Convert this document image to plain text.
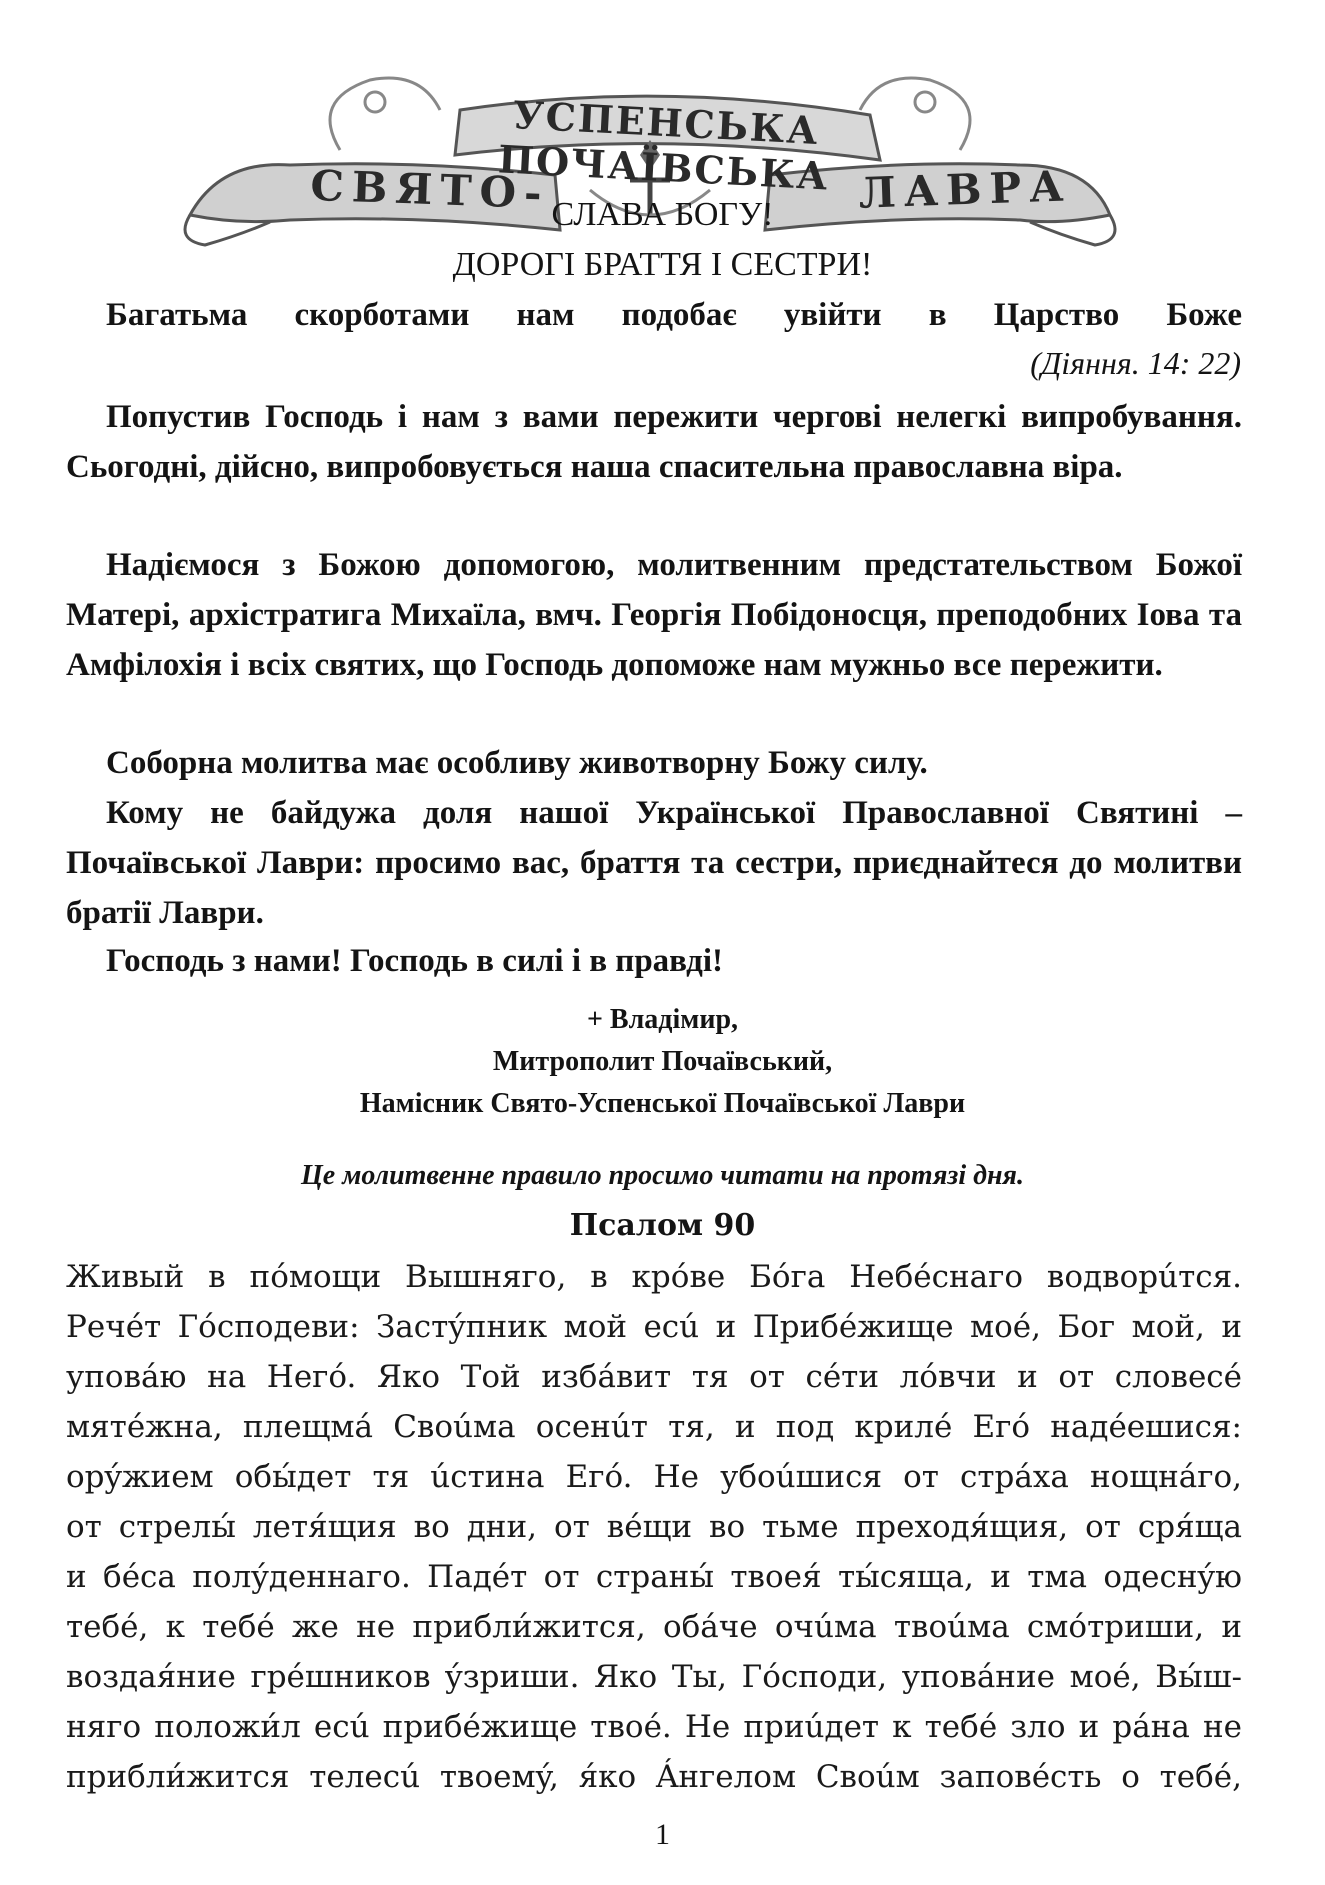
УСПЕНСЬКА ПОЧАЇВСЬКА
СВЯТО-	ЛАВРА
СЛАВА БОГУ!
ДОРОГІ БРАТТЯ І СЕСТРИ!
Багатьма скорботами нам подобає увійти в Царство Боже
(Діяння. 14: 22)
Попустив Господь і нам з вами пережити чергові нелегкі випробування. Сьогодні, дійсно, випробовується наша спасительна православна віра.
Надіємося з Божою допомогою, молитвенним предстательством Божої Матері, архістратига Михаїла, вмч. Георгія Побідоносця, преподобних Іова та Амфілохія і всіх святих, що Господь допоможе нам мужньо все пережити.
Соборна молитва має особливу животворну Божу силу.
Кому не байдужа доля нашої Української Православної Святині – Почаївської Лаври: просимо вас, браття та сестри, приєднайтеся до молитви братії Лаври.
Господь з нами! Господь в силі і в правді!
+ Владімир,
Митрополит Почаївський,
Намісник Свято-Успенської Почаївської Лаври
Це молитвенне правило просимо читати на протязі дня.
Псалом 90
Живый в пóмощи Вышняго, в крóве Бóга Небéснаго водворúтся.
Речéт Гóсподеви: Застýпник мой есú и Прибéжище моé, Бог мой, и
уповáю на Негó. Яко Той избáвит тя от сéти лóвчи и от словесé
мятéжна, плещмá Своúма осенúт тя, и под крилé Егó надéешися:
орýжием обы́дет тя úстина Егó. Не убоúшися от стрáха нощнáго,
от стрелы́ летя́щия во дни, от вéщи во тьме преходя́щия, от сря́ща
и бéса полýденнаго. Падéт от страны́ твоея́ ты́сяща, и тма одеснýю
тебé, к тебé же не прибли́жится, обáче очúма твоúма смóтриши, и
воздая́ние грéшников ýзриши. Яко Ты, Гóсподи, уповáние моé, Вы́ш-
няго положи́л есú прибéжище твоé. Не приúдет к тебé зло и рáна не
прибли́жится телесú твоемý, я́ко Áнгелом Своúм заповéсть о тебé,
1
